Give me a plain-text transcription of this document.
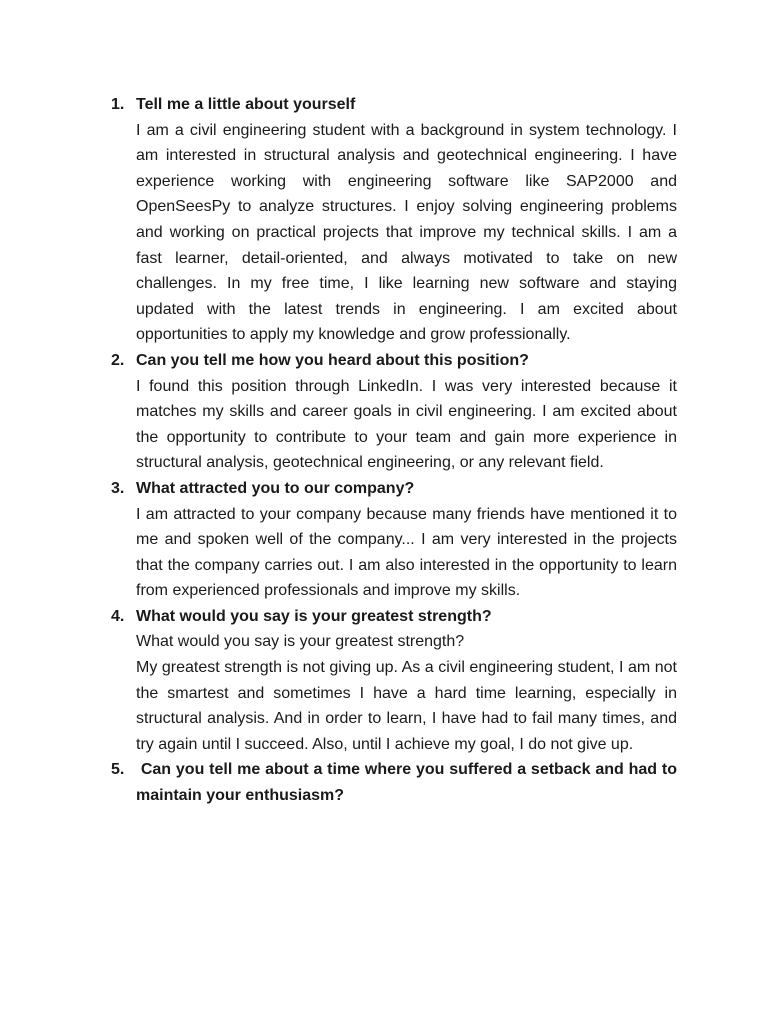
1. Tell me a little about yourself

I am a civil engineering student with a background in system technology. I am interested in structural analysis and geotechnical engineering. I have experience working with engineering software like SAP2000 and OpenSeesPy to analyze structures. I enjoy solving engineering problems and working on practical projects that improve my technical skills. I am a fast learner, detail-oriented, and always motivated to take on new challenges. In my free time, I like learning new software and staying updated with the latest trends in engineering. I am excited about opportunities to apply my knowledge and grow professionally.

2. Can you tell me how you heard about this position?

I found this position through LinkedIn. I was very interested because it matches my skills and career goals in civil engineering. I am excited about the opportunity to contribute to your team and gain more experience in structural analysis, geotechnical engineering, or any relevant field.

3. What attracted you to our company?

I am attracted to your company because many friends have mentioned it to me and spoken well of the company... I am very interested in the projects that the company carries out. I am also interested in the opportunity to learn from experienced professionals and improve my skills.

4. What would you say is your greatest strength?

What would you say is your greatest strength?

My greatest strength is not giving up. As a civil engineering student, I am not the smartest and sometimes I have a hard time learning, especially in structural analysis. And in order to learn, I have had to fail many times, and try again until I succeed. Also, until I achieve my goal, I do not give up.

5. Can you tell me about a time where you suffered a setback and had to maintain your enthusiasm?
